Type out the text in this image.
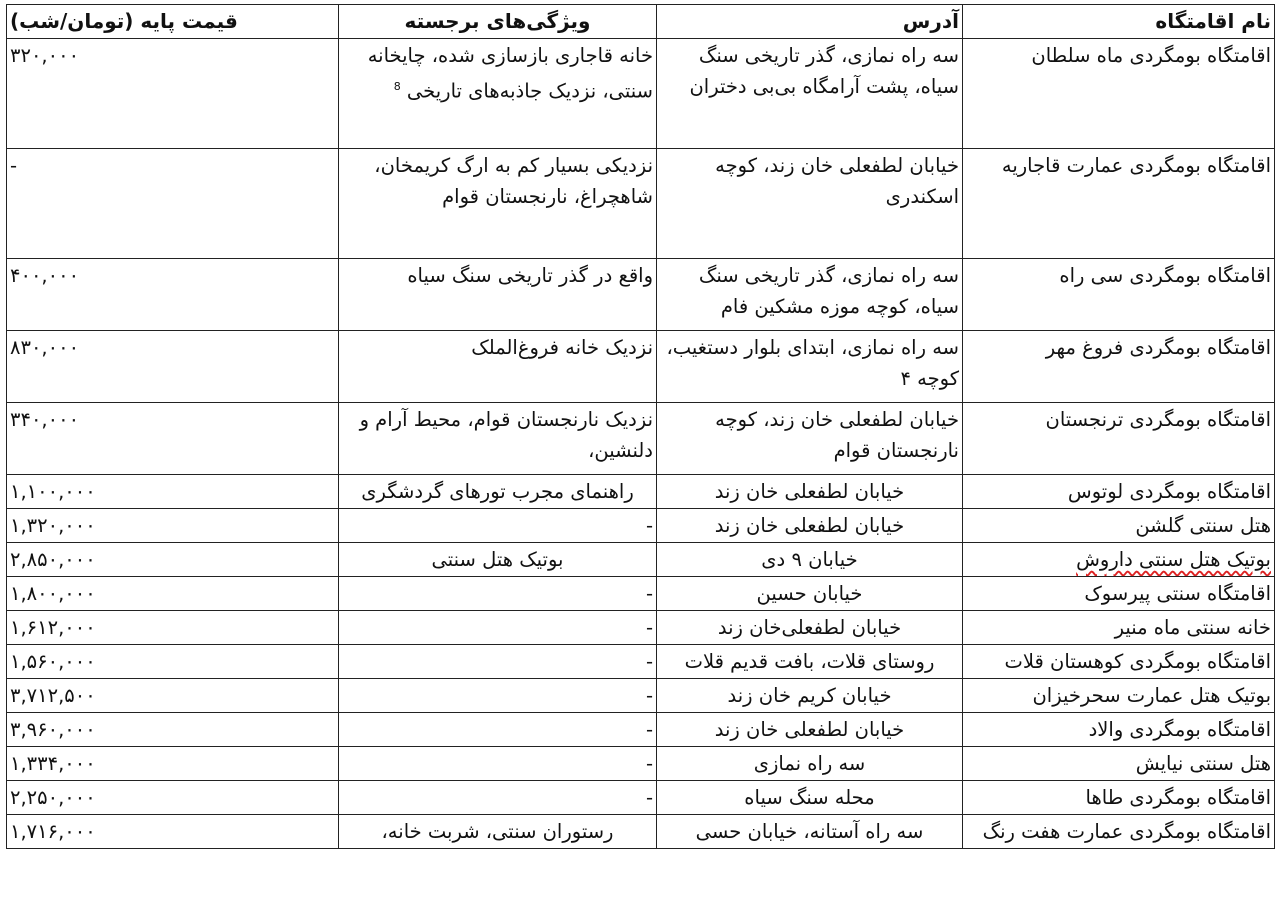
نام اقامتگاه	آدرس	ویژگی‌های برجسته	قیمت پایه (تومان/شب)
اقامتگاه بومگردی ماه سلطان	سه راه نمازی، گذر تاریخی سنگ سیاه، پشت آرامگاه بی‌بی دختران	خانه قاجاری بازسازی شده، چایخانه سنتی، نزدیک جاذبه‌های تاریخی $^8$	۳۲۰,۰۰۰
اقامتگاه بومگردی عمارت قاجاریه	خیابان لطفعلی خان زند، کوچه اسکندری	نزدیکی بسیار کم به ارگ کریمخان، شاهچراغ، نارنجستان قوام	-
اقامتگاه بومگردی سی راه	سه راه نمازی، گذر تاریخی سنگ سیاه، کوچه موزه مشکین فام	واقع در گذر تاریخی سنگ سیاه	۴۰۰,۰۰۰
اقامتگاه بومگردی فروغ مهر	سه راه نمازی، ابتدای بلوار دستغیب، کوچه ۴	نزدیک خانه فروغ‌الملک	۸۳۰,۰۰۰
اقامتگاه بومگردی ترنجستان	خیابان لطفعلی خان زند، کوچه نارنجستان قوام	نزدیک نارنجستان قوام، محیط آرام و دلنشین،	۳۴۰,۰۰۰
اقامتگاه بومگردی لوتوس	خیابان لطفعلی خان زند	راهنمای مجرب تورهای گردشگری	۱,۱۰۰,۰۰۰
هتل سنتی گلشن	خیابان لطفعلی خان زند	-	۱,۳۲۰,۰۰۰
بوتیک هتل سنتی داروش	خیابان ۹ دی	بوتیک هتل سنتی	۲,۸۵۰,۰۰۰
اقامتگاه سنتی پیرسوک	خیابان حسین	-	۱,۸۰۰,۰۰۰
خانه سنتی ماه منیر	خیابان لطفعلی‌خان زند	-	۱,۶۱۲,۰۰۰
اقامتگاه بومگردی کوهستان قلات	روستای قلات، بافت قدیم قلات	-	۱,۵۶۰,۰۰۰
بوتیک هتل عمارت سحرخیزان	خیابان کریم خان زند	-	۳,۷۱۲,۵۰۰
اقامتگاه بومگردی والاد	خیابان لطفعلی خان زند	-	۳,۹۶۰,۰۰۰
هتل سنتی نیایش	سه راه نمازی	-	۱,۳۳۴,۰۰۰
اقامتگاه بومگردی طاها	محله سنگ سیاه	-	۲,۲۵۰,۰۰۰
اقامتگاه بومگردی عمارت هفت رنگ	سه راه آستانه، خیابان حسی	رستوران سنتی، شربت خانه،	۱,۷۱۶,۰۰۰
